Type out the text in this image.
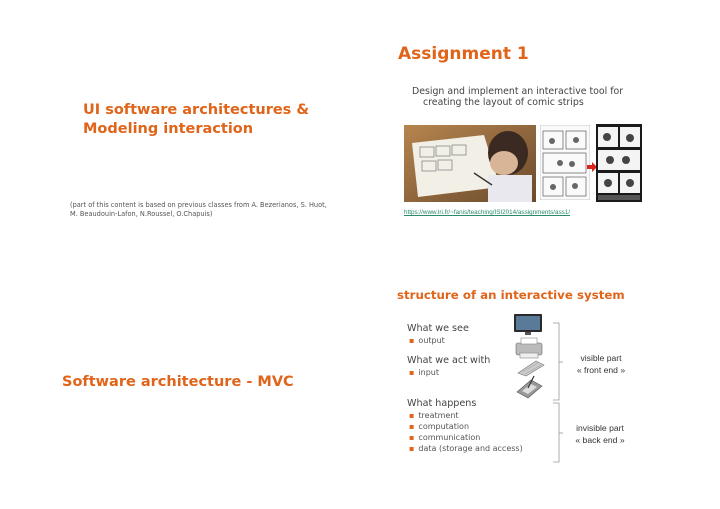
UI software architectures &
Modeling interaction
(part of this content is based on previous classes from A. Bezerianos, S. Huot, M. Beaudouin-Lafon, N.Roussel, O.Chapuis)
Assignment 1
Design and implement an interactive tool for
creating the layout of comic strips
https://www.lri.fr/~fanis/teaching/ISI2014/assignments/ass1/
Software architecture - MVC
structure of an interactive system
What we see
▪ output
What we act with
▪ input
What happens
▪ treatment
▪ computation
▪ communication
▪ data (storage and access)
visible part
« front end »
invisible part
« back end »
